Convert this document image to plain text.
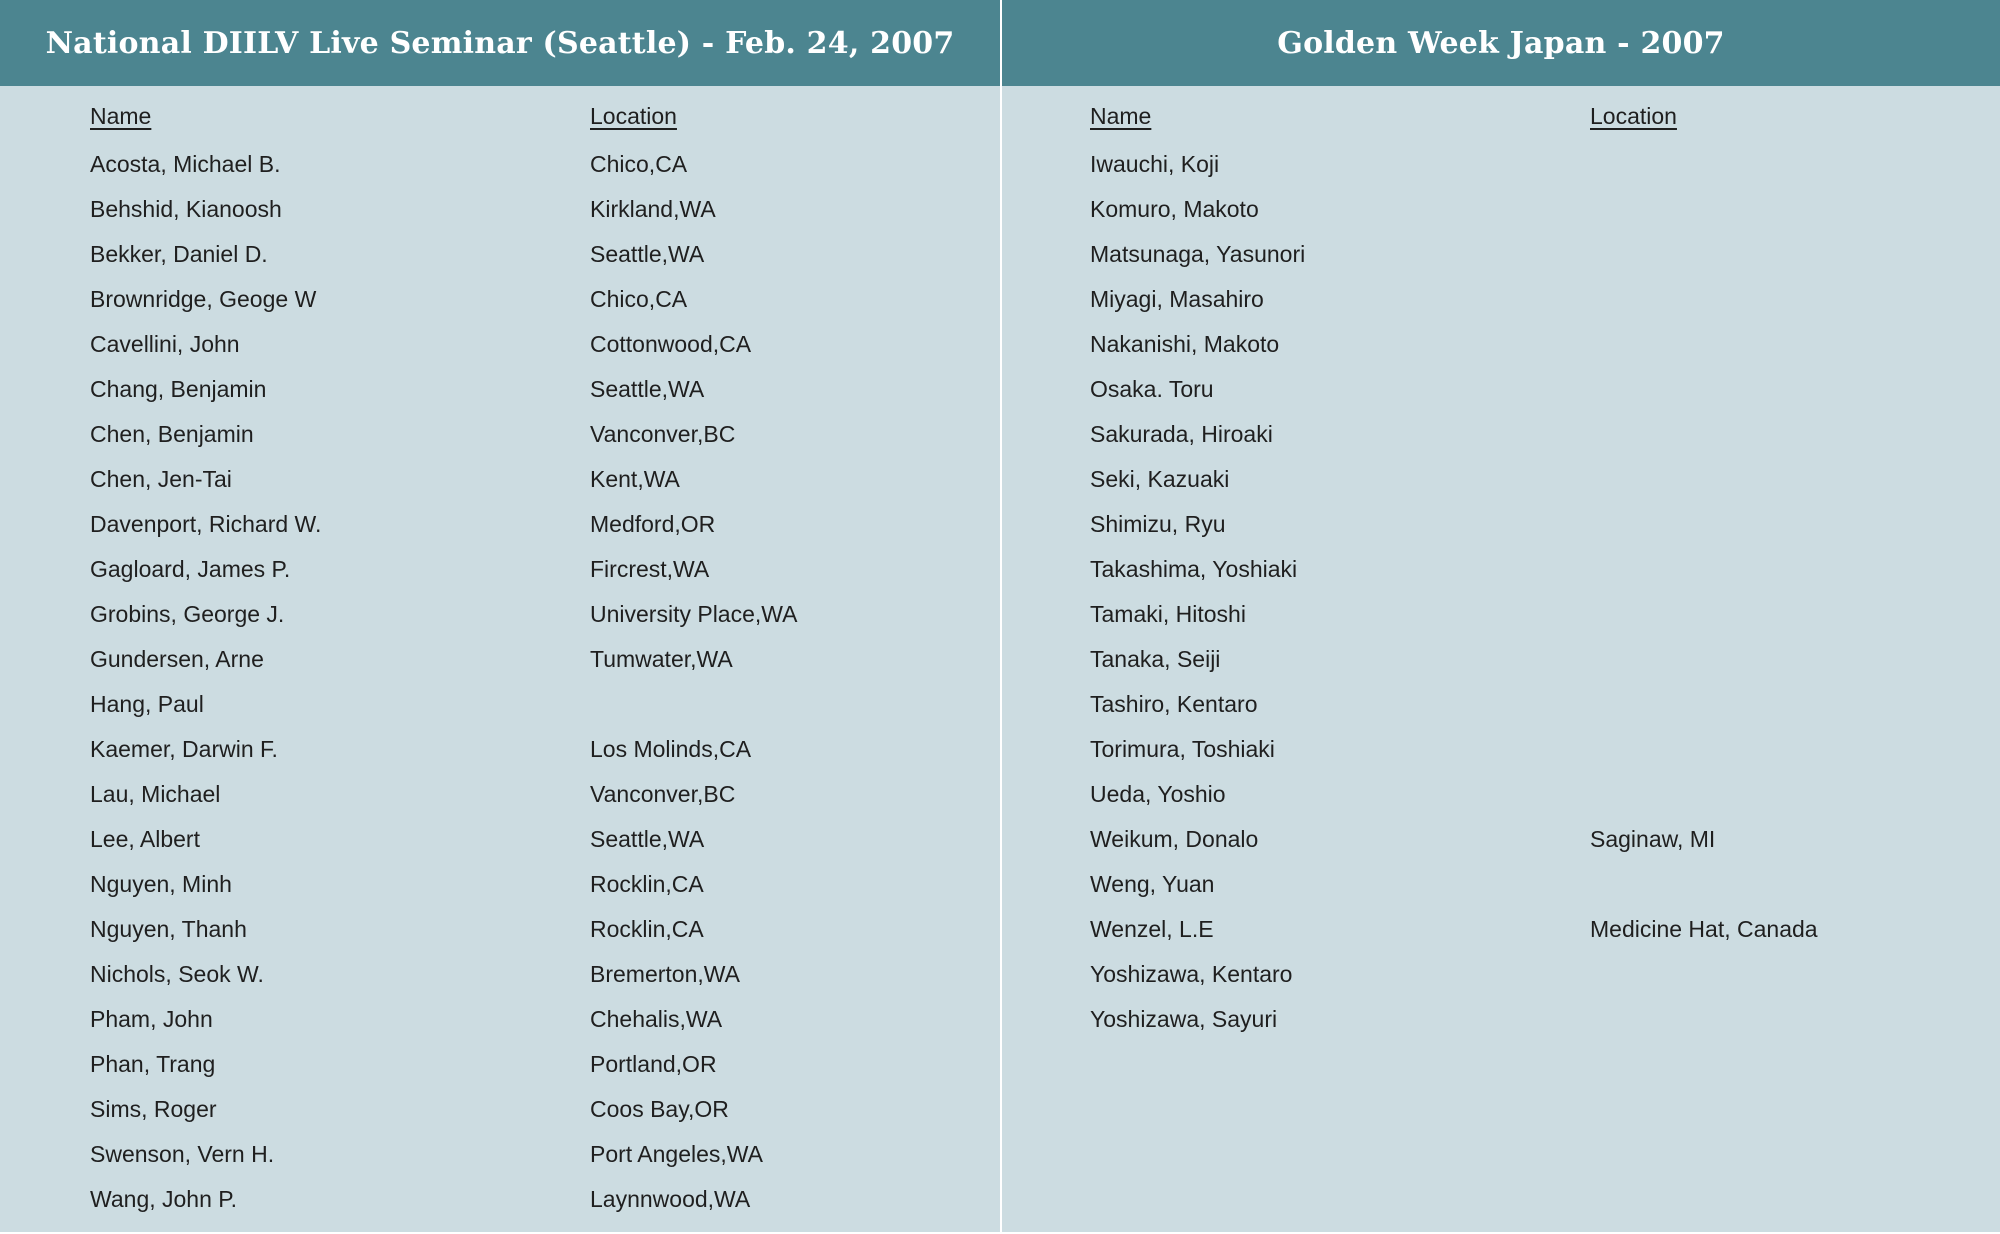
National DIILV Live Seminar (Seattle) - Feb. 24, 2007
Name	Location
Acosta, Michael B.	Chico,CA
Behshid, Kianoosh	Kirkland,WA
Bekker, Daniel D.	Seattle,WA
Brownridge, Geoge W	Chico,CA
Cavellini, John	Cottonwood,CA
Chang, Benjamin	Seattle,WA
Chen, Benjamin	Vanconver,BC
Chen, Jen-Tai	Kent,WA
Davenport, Richard W.	Medford,OR
Gagloard, James P.	Fircrest,WA
Grobins, George J.	University Place,WA
Gundersen, Arne	Tumwater,WA
Hang, Paul
Kaemer, Darwin F.	Los Molinds,CA
Lau, Michael	Vanconver,BC
Lee, Albert	Seattle,WA
Nguyen, Minh	Rocklin,CA
Nguyen, Thanh	Rocklin,CA
Nichols, Seok W.	Bremerton,WA
Pham, John	Chehalis,WA
Phan, Trang	Portland,OR
Sims, Roger	Coos Bay,OR
Swenson, Vern H.	Port Angeles,WA
Wang, John P.	Laynnwood,WA
Golden Week Japan - 2007
Name	Location
Iwauchi, Koji
Komuro, Makoto
Matsunaga, Yasunori
Miyagi, Masahiro
Nakanishi, Makoto
Osaka. Toru
Sakurada, Hiroaki
Seki, Kazuaki
Shimizu, Ryu
Takashima, Yoshiaki
Tamaki, Hitoshi
Tanaka, Seiji
Tashiro, Kentaro
Torimura, Toshiaki
Ueda, Yoshio
Weikum, Donalo	Saginaw, MI
Weng, Yuan
Wenzel, L.E	Medicine Hat, Canada
Yoshizawa, Kentaro
Yoshizawa, Sayuri
